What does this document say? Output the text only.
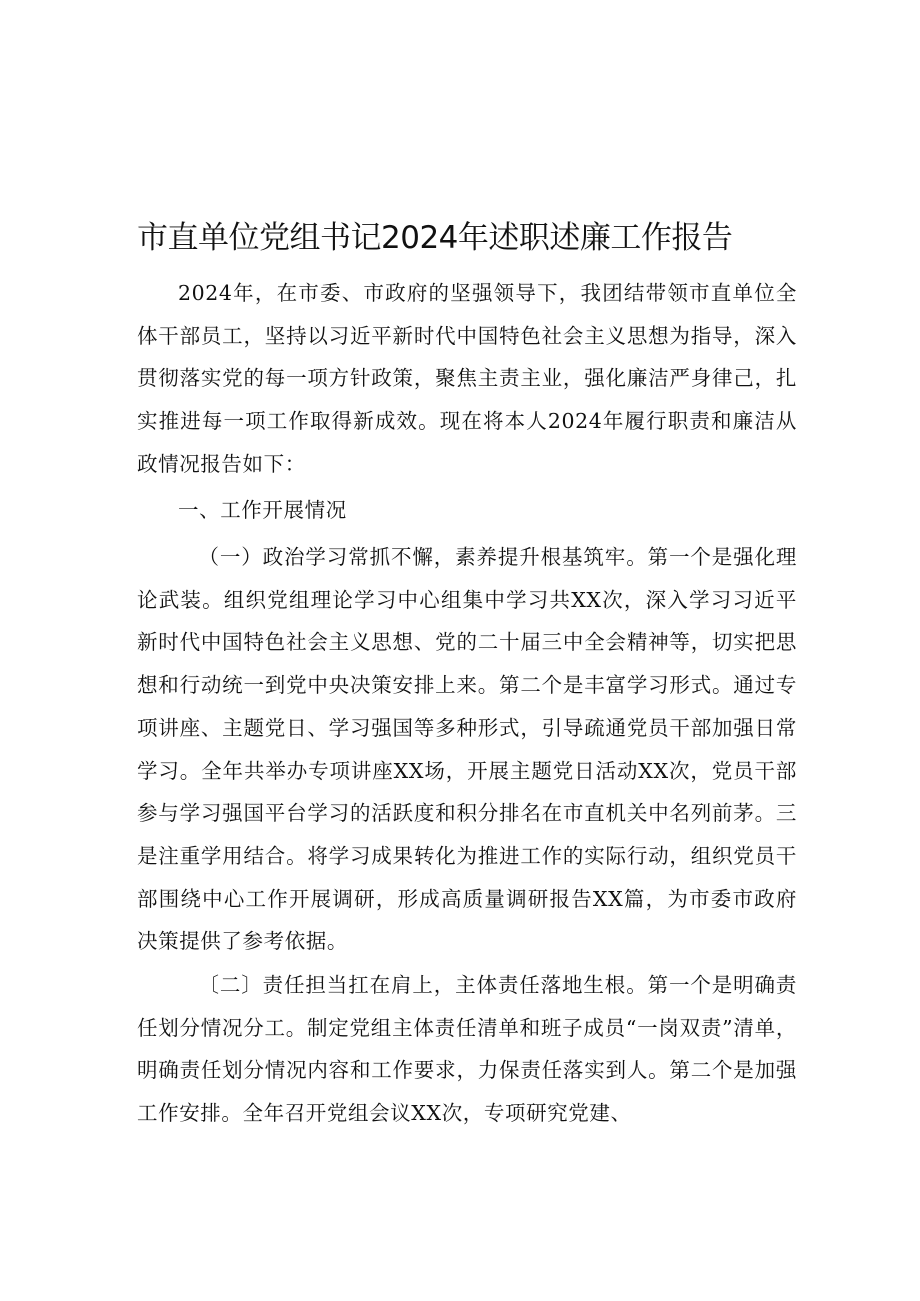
市直单位党组书记2024年述职述廉工作报告

2024年，在市委、市政府的坚强领导下，我团结带领市直单位全体干部员工，坚持以习近平新时代中国特色社会主义思想为指导，深入贯彻落实党的每一项方针政策，聚焦主责主业，强化廉洁严身律己，扎实推进每一项工作取得新成效。现在将本人2024年履行职责和廉洁从政情况报告如下：

一、工作开展情况

（一）政治学习常抓不懈，素养提升根基筑牢。第一个是强化理论武装。组织党组理论学习中心组集中学习共XX次，深入学习习近平新时代中国特色社会主义思想、党的二十届三中全会精神等，切实把思想和行动统一到党中央决策安排上来。第二个是丰富学习形式。通过专项讲座、主题党日、学习强国等多种形式，引导疏通党员干部加强日常学习。全年共举办专项讲座XX场，开展主题党日活动XX次，党员干部参与学习强国平台学习的活跃度和积分排名在市直机关中名列前茅。三是注重学用结合。将学习成果转化为推进工作的实际行动，组织党员干部围绕中心工作开展调研，形成高质量调研报告XX篇，为市委市政府决策提供了参考依据。

〔二〕责任担当扛在肩上，主体责任落地生根。第一个是明确责任划分情况分工。制定党组主体责任清单和班子成员“一岗双责”清单，明确责任划分情况内容和工作要求，力保责任落实到人。第二个是加强工作安排。全年召开党组会议XX次，专项研究党建、
